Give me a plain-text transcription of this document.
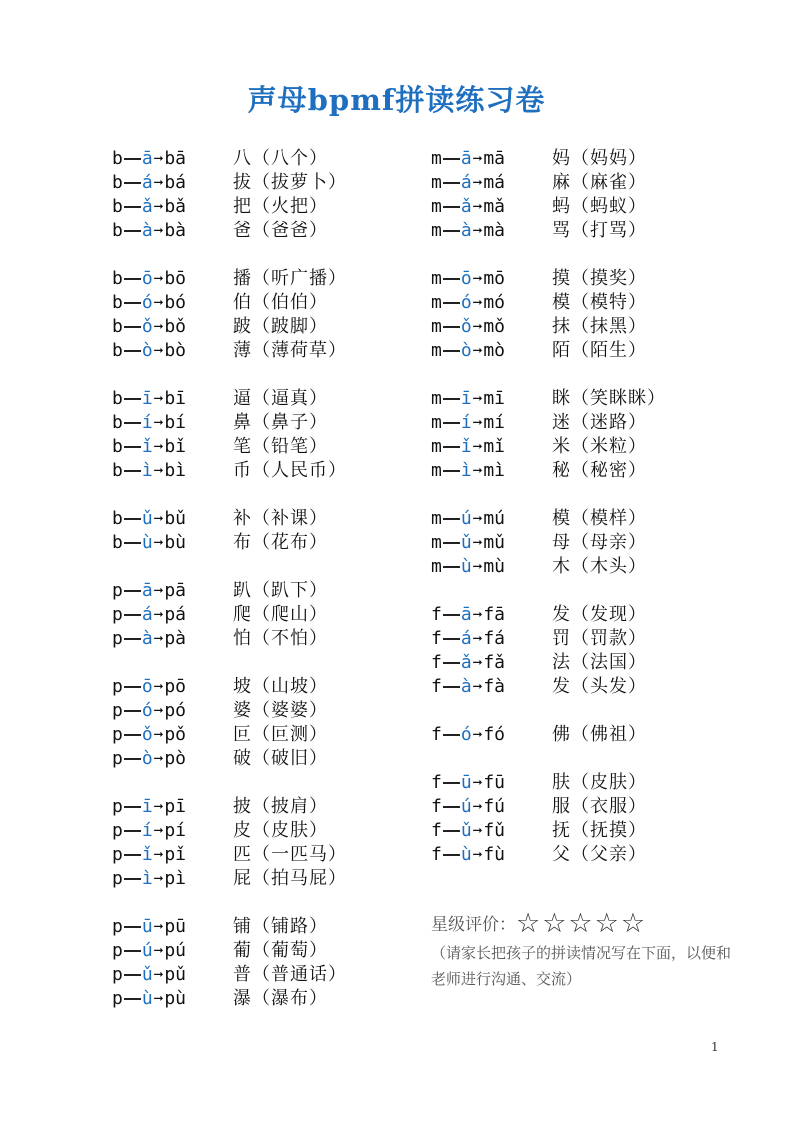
声母bpmf拼读练习卷
b ā➞bā	八（八个）
b á➞bá	拔（拔萝卜）
b ǎ➞bǎ	把（火把）
b à➞bà	爸（爸爸）
b ō➞bō	播（听广播）
b ó➞bó	伯（伯伯）
b ǒ➞bǒ	跛（跛脚）
b ò➞bò	薄（薄荷草）
b ī➞bī	逼（逼真）
b í➞bí	鼻（鼻子）
b ǐ➞bǐ	笔（铅笔）
b ì➞bì	币（人民币）
b ǔ➞bǔ	补（补课）
b ù➞bù	布（花布）
p ā➞pā	趴（趴下）
p á➞pá	爬（爬山）
p à➞pà	怕（不怕）
p ō➞pō	坡（山坡）
p ó➞pó	婆（婆婆）
p ǒ➞pǒ	叵（叵测）
p ò➞pò	破（破旧）
p ī➞pī	披（披肩）
p í➞pí	皮（皮肤）
p ǐ➞pǐ	匹（一匹马）
p ì➞pì	屁（拍马屁）
p ū➞pū	铺（铺路）
p ú➞pú	葡（葡萄）
p ǔ➞pǔ	普（普通话）
p ù➞pù	瀑（瀑布）
m ā➞mā	妈（妈妈）
m á➞má	麻（麻雀）
m ǎ➞mǎ	蚂（蚂蚁）
m à➞mà	骂（打骂）
m ō➞mō	摸（摸奖）
m ó➞mó	模（模特）
m ǒ➞mǒ	抹（抹黑）
m ò➞mò	陌（陌生）
m ī➞mī	眯（笑眯眯）
m í➞mí	迷（迷路）
m ǐ➞mǐ	米（米粒）
m ì➞mì	秘（秘密）
m ú➞mú	模（模样）
m ǔ➞mǔ	母（母亲）
m ù➞mù	木（木头）
f ā➞fā	发（发现）
f á➞fá	罚（罚款）
f ǎ➞fǎ	法（法国）
f à➞fà	发（头发）
f ó➞fó	佛（佛祖）
f ū➞fū	肤（皮肤）
f ú➞fú	服（衣服）
f ǔ➞fǔ	抚（抚摸）
f ù➞fù	父（父亲）
星级评价：☆☆☆☆☆
（请家长把孩子的拼读情况写在下面，以便和老师进行沟通、交流）
1
